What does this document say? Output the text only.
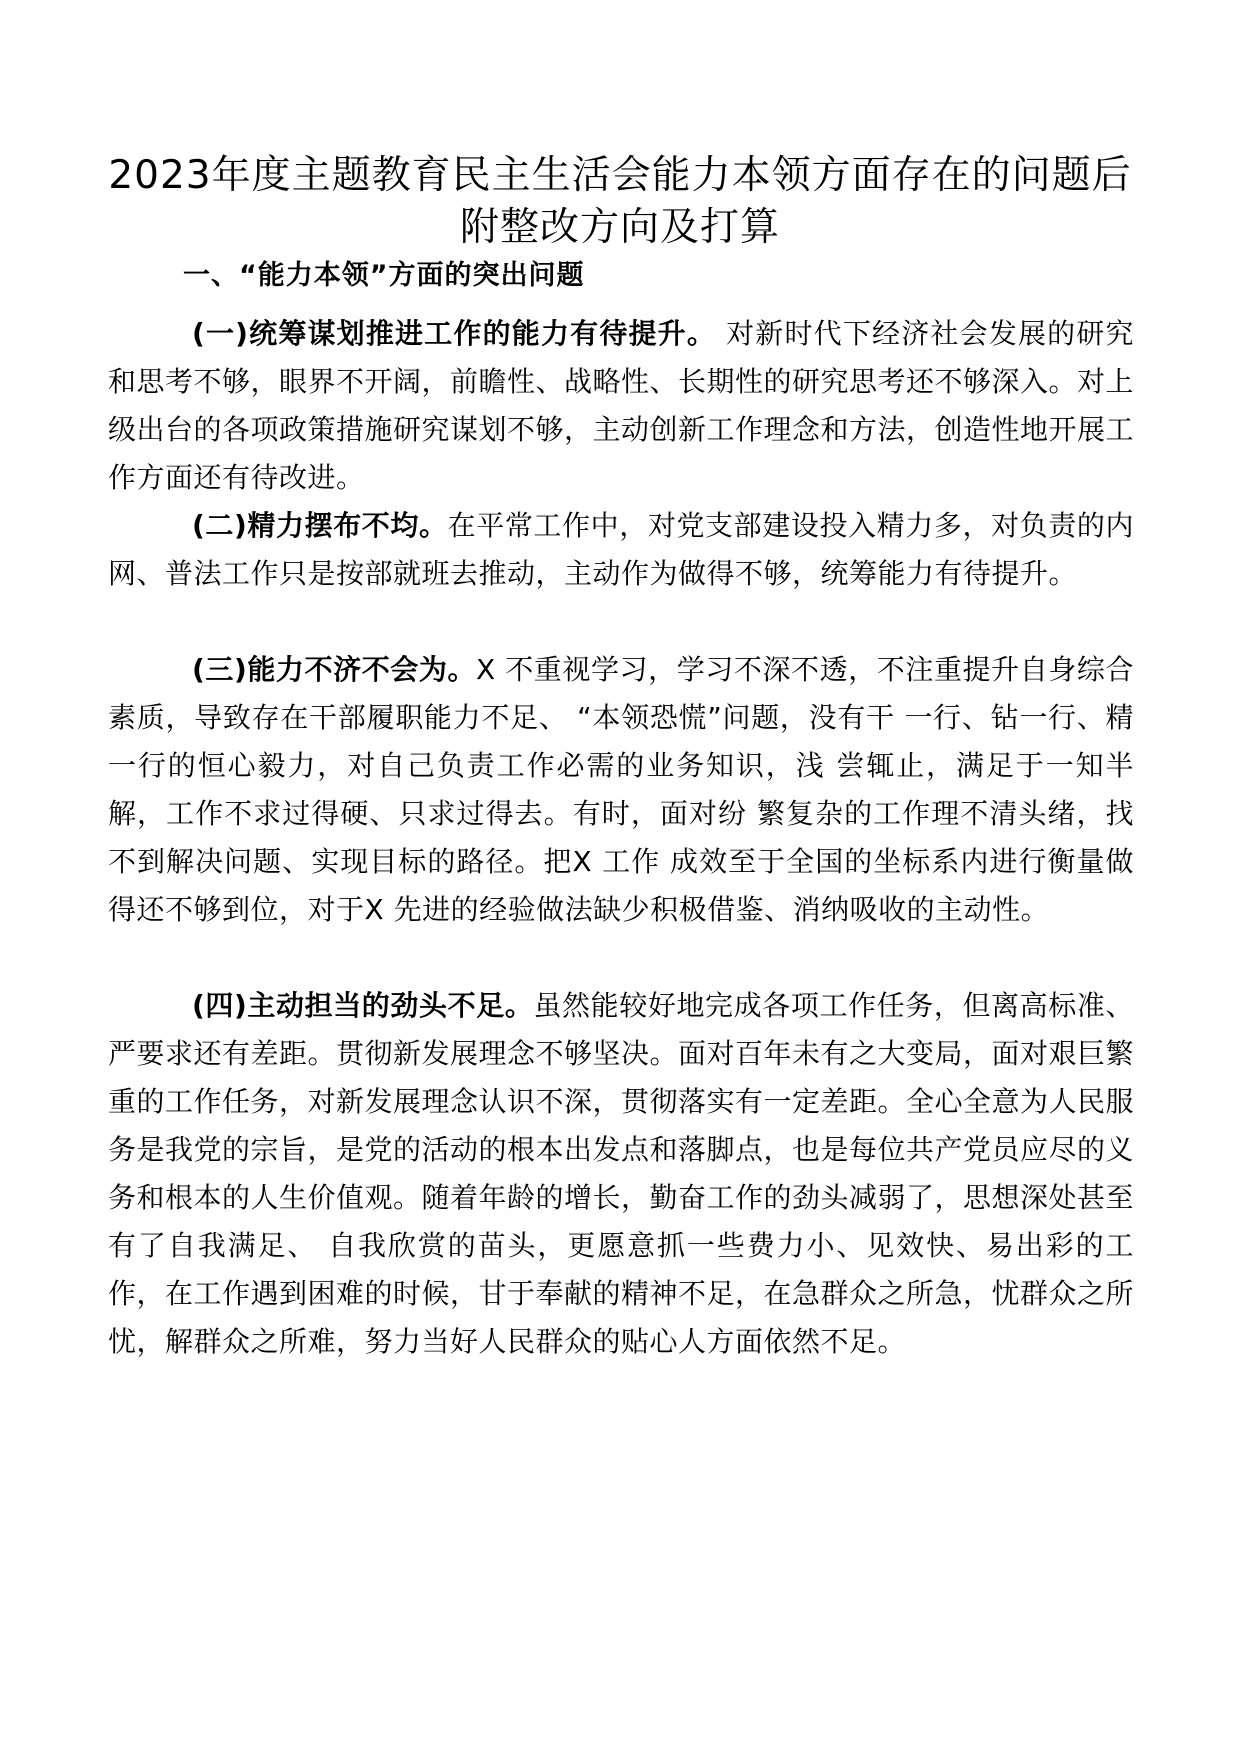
2023年度主题教育民主生活会能力本领方面存在的问题后附整改方向及打算
一、“能力本领”方面的突出问题

(一)统筹谋划推进工作的能力有待提升。 对新时代下经济社会发展的研究和思考不够，眼界不开阔，前瞻性、战略性、长期性的研究思考还不够深入。对上级出台的各项政策措施研究谋划不够，主动创新工作理念和方法，创造性地开展工作方面还有待改进。

(二)精力摆布不均。在平常工作中，对党支部建设投入精力多，对负责的内网、普法工作只是按部就班去推动，主动作为做得不够，统筹能力有待提升。

(三)能力不济不会为。X 不重视学习，学习不深不透，不注重提升自身综合素质，导致存在干部履职能力不足、 “本领恐慌”问题，没有干 一行、钻一行、精一行的恒心毅力，对自己负责工作必需的业务知识，浅 尝辄止，满足于一知半解，工作不求过得硬、只求过得去。有时，面对纷 繁复杂的工作理不清头绪，找不到解决问题、实现目标的路径。把X 工作 成效至于全国的坐标系内进行衡量做得还不够到位，对于X 先进的经验做法缺少积极借鉴、消纳吸收的主动性。

(四)主动担当的劲头不足。虽然能较好地完成各项工作任务，但离高标准、严要求还有差距。贯彻新发展理念不够坚决。面对百年未有之大变局，面对艰巨繁重的工作任务，对新发展理念认识不深，贯彻落实有一定差距。全心全意为人民服务是我党的宗旨，是党的活动的根本出发点和落脚点，也是每位共产党员应尽的义务和根本的人生价值观。随着年龄的增长，勤奋工作的劲头减弱了，思想深处甚至有了自我满足、 自我欣赏的苗头，更愿意抓一些费力小、见效快、易出彩的工作，在工作遇到困难的时候，甘于奉献的精神不足，在急群众之所急，忧群众之所忧，解群众之所难，努力当好人民群众的贴心人方面依然不足。
